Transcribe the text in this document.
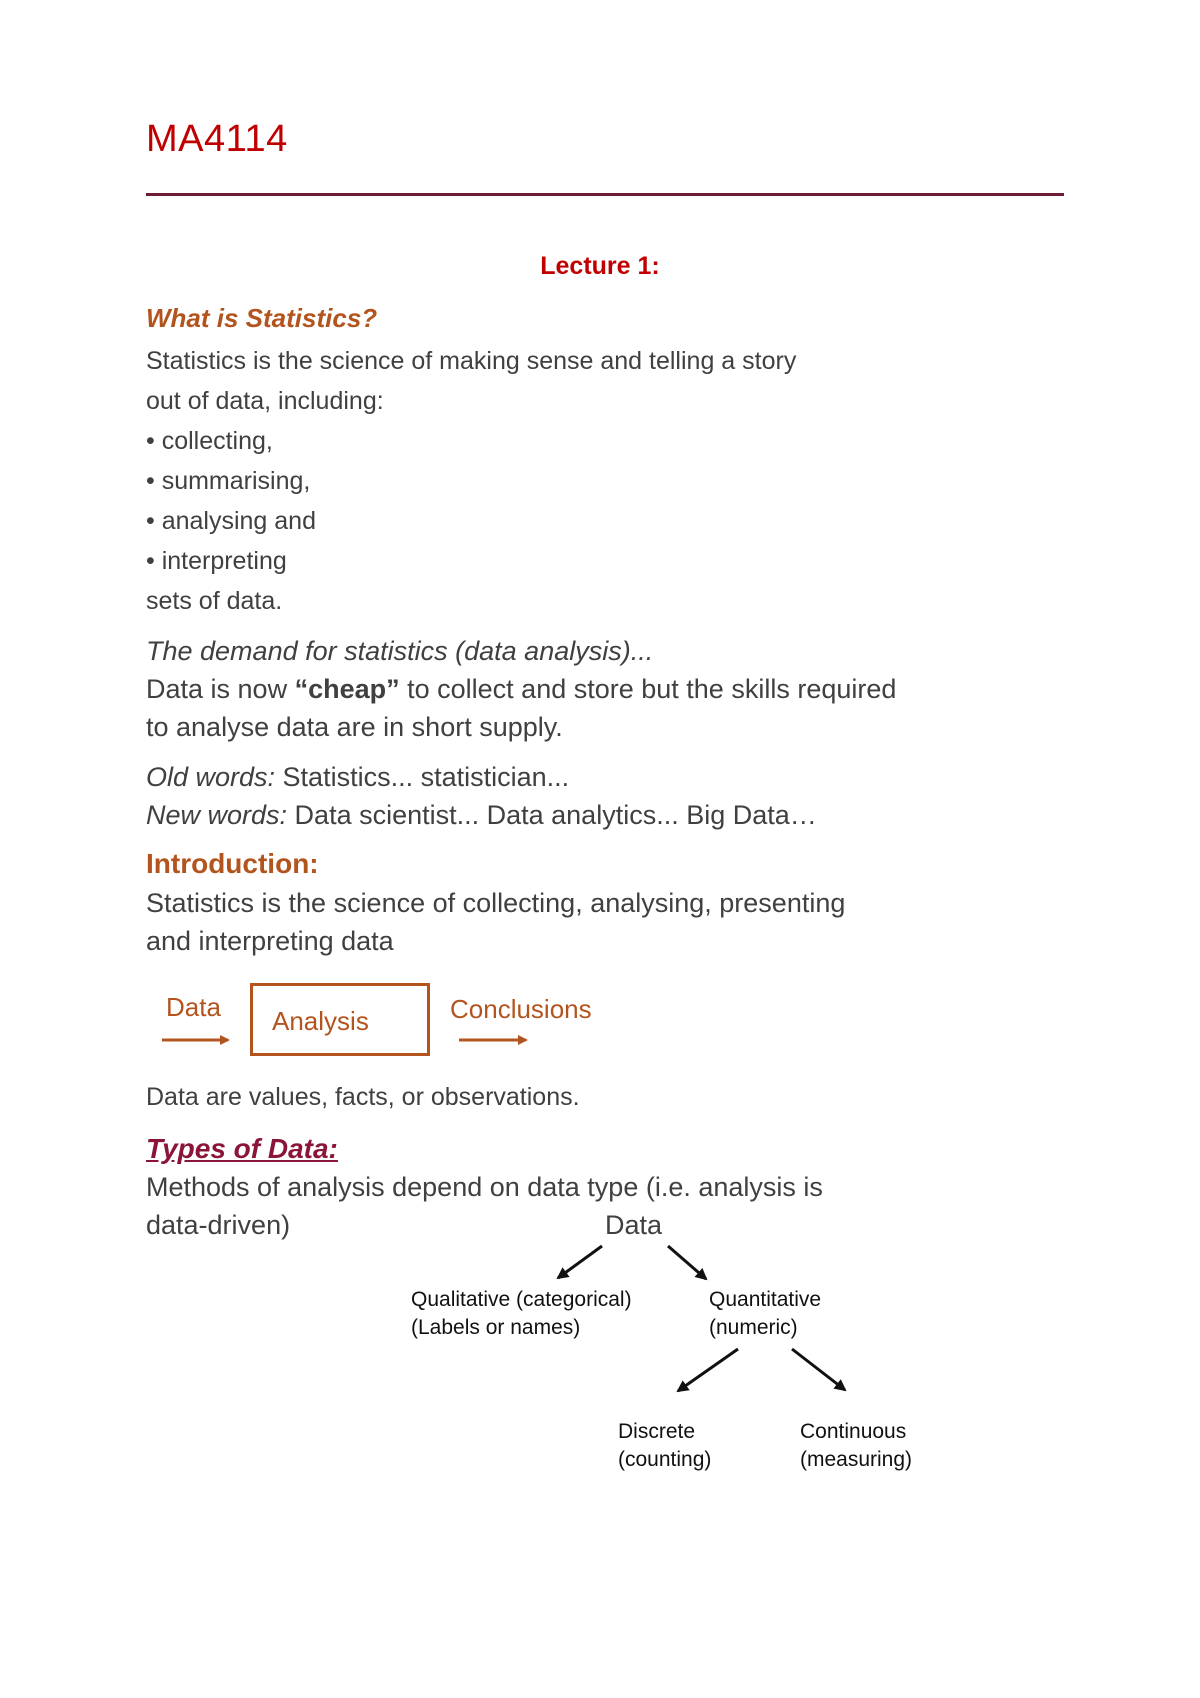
MA4114
Lecture 1:
What is Statistics?
Statistics is the science of making sense and telling a story
out of data, including:
• collecting,
• summarising,
• analysing and
• interpreting
sets of data.
The demand for statistics (data analysis)...
Data is now “cheap” to collect and store but the skills required
to analyse data are in short supply.
Old words: Statistics... statistician...
New words: Data scientist... Data analytics... Big Data…
Introduction:
Statistics is the science of collecting, analysing, presenting
and interpreting data
Data Analysis	Conclusions
Data are values, facts, or observations.
Types of Data:
Methods of analysis depend on data type (i.e. analysis is
data-driven)	Data
Qualitative (categorical)
(Labels or names)
Quantitative
(numeric)
Discrete
(counting)
Continuous
(measuring)
